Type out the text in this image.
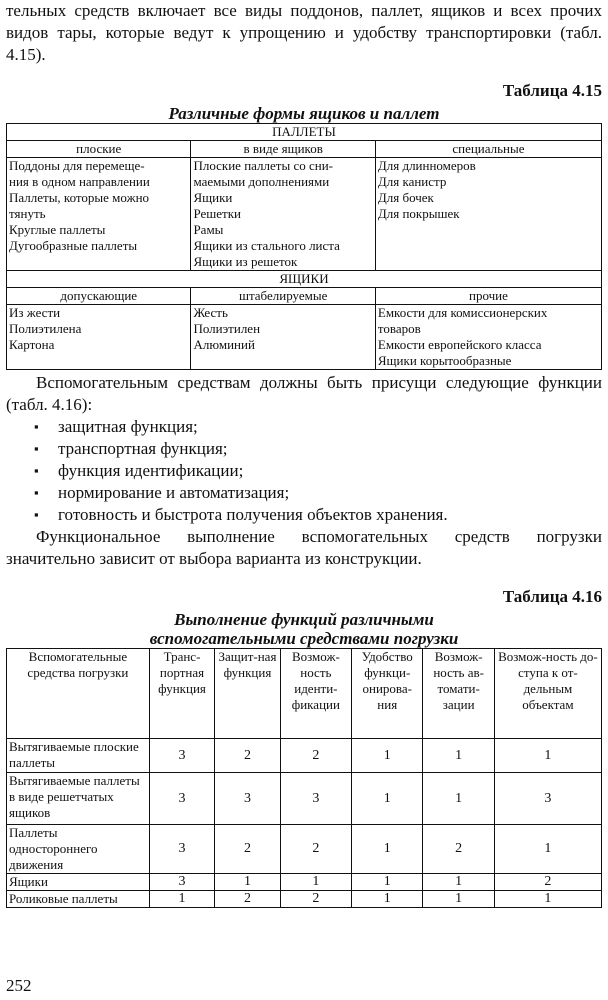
тельных средств включает все виды поддонов, паллет, ящиков и всех прочих видов тары, которые ведут к упрощению и удобству транспортировки (табл. 4.15).

Таблица 4.15

Различные формы ящиков и паллет

ПАЛЛЕТЫ		
плоские	в виде ящиков	специальные
Поддоны для перемеще-	Плоские паллеты со сни-	Для длинномеров
ния в одном направлении	маемыми дополнениями	Для канистр
Паллеты, которые можно	Ящики	Для бочек
тянуть	Решетки	Для покрышек
Круглые паллеты	Рамы	
Дугообразные паллеты	Ящики из стального листа	
	Ящики из решеток	
ЯЩИКИ		
допускающие	штабелируемые	прочие
Из жести	Жесть	Емкости для комиссионерских
Полиэтилена	Полиэтилен	товаров
Картона	Алюминий	Емкости европейского класса
		Ящики корытообразные

Вспомогательным средствам должны быть присущи следующие функции (табл. 4.16):

▪ защитная функция;
▪ транспортная функция;
▪ функция идентификации;
▪ нормирование и автоматизация;
▪ готовность и быстрота получения объектов хранения.

Функциональное выполнение вспомогательных средств погрузки значительно зависит от выбора варианта из конструкции.

Таблица 4.16

Выполнение функций различными

вспомогательными средствами погрузки

Вспомогательные средства погрузки	Транс-портная функция	Защит-ная функция	Возмож-ность иденти-фикации	Удобство функци-онирова-ния	Возмож-ность ав-томати-зации	Возмож-ность до-ступа к от-дельным объектам
Вытягиваемые плоские паллеты	3	2	2	1	1	1
Вытягиваемые паллеты в виде решетчатых ящиков	3	3	3	1	1	3
Паллеты одностороннего движения	3	2	2	1	2	1
Ящики	3	1	1	1	1	2
Роликовые паллеты	1	2	2	1	1	1
252
